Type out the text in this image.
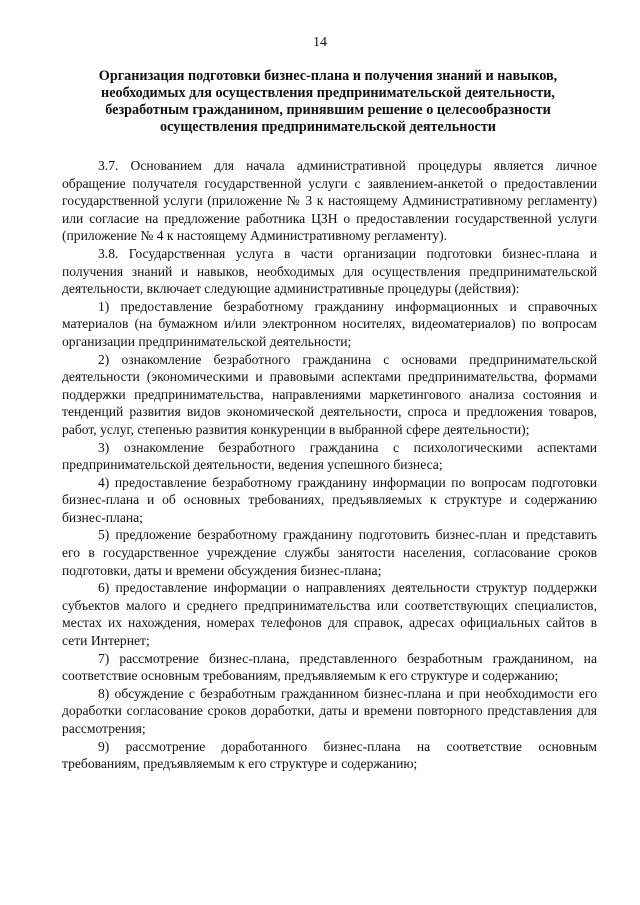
14
Организация подготовки бизнес-плана и получения знаний и навыков, необходимых для осуществления предпринимательской деятельности, безработным гражданином, принявшим решение о целесообразности осуществления предпринимательской деятельности

3.7. Основанием для начала административной процедуры является личное обращение получателя государственной услуги с заявлением-анкетой о предоставлении государственной услуги (приложение № 3 к настоящему Административному регламенту) или согласие на предложение работника ЦЗН о предоставлении государственной услуги (приложение № 4 к настоящему Административному регламенту).

3.8. Государственная услуга в части организации подготовки бизнес-плана и получения знаний и навыков, необходимых для осуществления предпринимательской деятельности, включает следующие административные процедуры (действия):

1) предоставление безработному гражданину информационных и справочных материалов (на бумажном и/или электронном носителях, видеоматериалов) по вопросам организации предпринимательской деятельности;

2) ознакомление безработного гражданина с основами предпринимательской деятельности (экономическими и правовыми аспектами предпринимательства, формами поддержки предпринимательства, направлениями маркетингового анализа состояния и тенденций развития видов экономической деятельности, спроса и предложения товаров, работ, услуг, степенью развития конкуренции в выбранной сфере деятельности);

3) ознакомление безработного гражданина с психологическими аспектами предпринимательской деятельности, ведения успешного бизнеса;

4) предоставление безработному гражданину информации по вопросам подготовки бизнес-плана и об основных требованиях, предъявляемых к структуре и содержанию бизнес-плана;

5) предложение безработному гражданину подготовить бизнес-план и представить его в государственное учреждение службы занятости населения, согласование сроков подготовки, даты и времени обсуждения бизнес-плана;

6) предоставление информации о направлениях деятельности структур поддержки субъектов малого и среднего предпринимательства или соответствующих специалистов, местах их нахождения, номерах телефонов для справок, адресах официальных сайтов в сети Интернет;

7) рассмотрение бизнес-плана, представленного безработным гражданином, на соответствие основным требованиям, предъявляемым к его структуре и содержанию;

8) обсуждение с безработным гражданином бизнес-плана и при необходимости его доработки согласование сроков доработки, даты и времени повторного представления для рассмотрения;

9) рассмотрение доработанного бизнес-плана на соответствие основным требованиям, предъявляемым к его структуре и содержанию;
